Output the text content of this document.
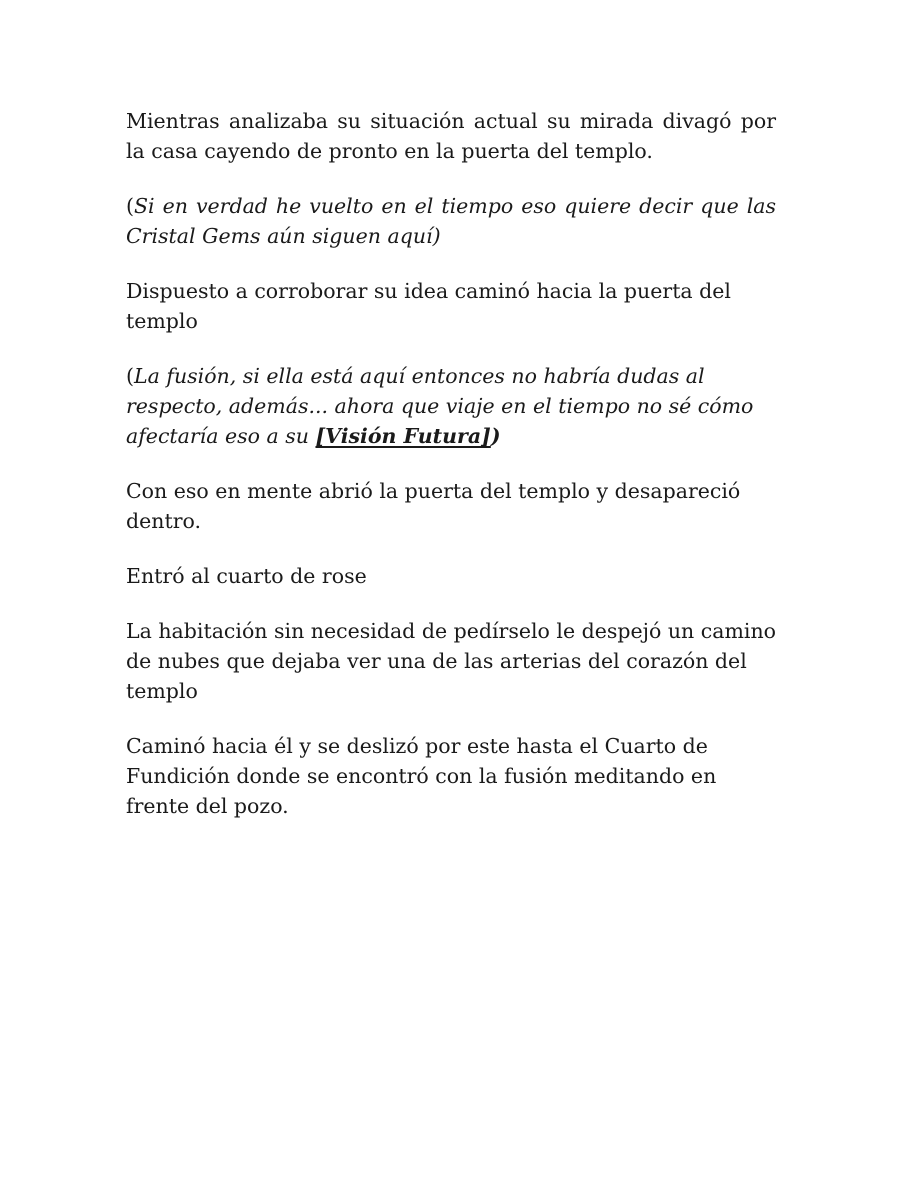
Mientras analizaba su situación actual su mirada divagó por la casa cayendo de pronto en la puerta del templo.

(Si en verdad he vuelto en el tiempo eso quiere decir que las Cristal Gems aún siguen aquí)

Dispuesto a corroborar su idea caminó hacia la puerta del templo

(La fusión, si ella está aquí entonces no habría dudas al respecto, además... ahora que viaje en el tiempo no sé cómo afectaría eso a su [Visión Futura])

Con eso en mente abrió la puerta del templo y desapareció dentro.

Entró al cuarto de rose

La habitación sin necesidad de pedírselo le despejó un camino de nubes que dejaba ver una de las arterias del corazón del templo

Caminó hacia él y se deslizó por este hasta el Cuarto de Fundición donde se encontró con la fusión meditando en frente del pozo.
